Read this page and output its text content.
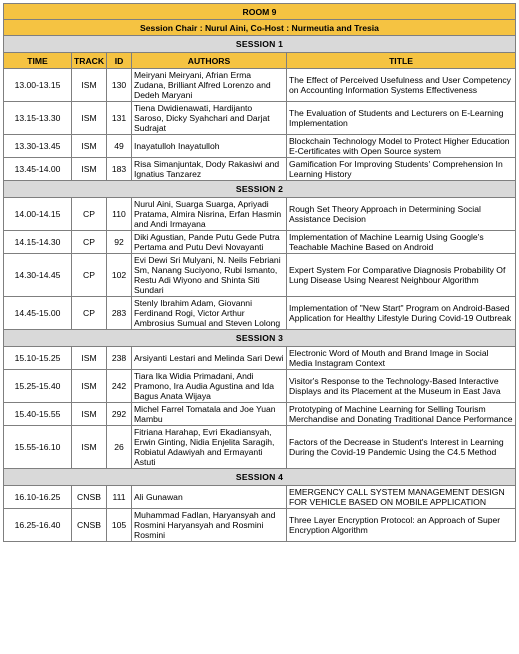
ROOM 9				
Session Chair : Nurul Aini, Co-Host : Nurmeutia and Tresia				
SESSION 1				
TIME	TRACK	ID	AUTHORS	TITLE
13.00-13.15	ISM	130	Meiryani Meiryani, Afrian Erma Zudana, Brilliant Alfred Lorenzo and Dedeh Maryani	The Effect of Perceived Usefulness and User Competency on Accounting Information Systems Effectiveness
13.15-13.30	ISM	131	Tiena Dwidienawati, Hardijanto Saroso, Dicky Syahchari and Darjat Sudrajat	The Evaluation of Students and Lecturers on E-Learning Implementation
13.30-13.45	ISM	49	Inayatulloh Inayatulloh	Blockchain Technology Model to Protect Higher Education E-Certificates with Open Source system
13.45-14.00	ISM	183	Risa Simanjuntak, Dody Rakasiwi and Ignatius Tanzarez	Gamification For Improving Students' Comprehension In Learning History
SESSION 2				
14.00-14.15	CP	110	Nurul Aini, Suarga Suarga, Apriyadi Pratama, Almira Nisrina, Erfan Hasmin and Andi Irmayana	Rough Set Theory Approach in Determining Social Assistance Decision
14.15-14.30	CP	92	Diki Agustian, Pande Putu Gede Putra Pertama and Putu Devi Novayanti	Implementation of Machine Learnig Using Google's Teachable Machine Based on Android
14.30-14.45	CP	102	Evi Dewi Sri Mulyani, N. Neils Febriani Sm, Nanang Suciyono, Rubi Ismanto, Restu Adi Wiyono and Shinta Siti Sundari	Expert System For Comparative Diagnosis Probability Of Lung Disease Using Nearest Neighbour Algorithm
14.45-15.00	CP	283	Stenly Ibrahim Adam, Giovanni Ferdinand Rogi, Victor Arthur Ambrosius Sumual and Steven Lolong	Implementation of "New Start" Program on Android-Based Application for Healthy Lifestyle During Covid-19 Outbreak
SESSION 3				
15.10-15.25	ISM	238	Arsiyanti Lestari and Melinda Sari Dewi	Electronic Word of Mouth and Brand Image in Social Media Instagram Context
15.25-15.40	ISM	242	Tiara Ika Widia Primadani, Andi Pramono, Ira Audia Agustina and Ida Bagus Anata Wijaya	Visitor's Response to the Technology-Based Interactive Displays and its Placement at the Museum in East Java
15.40-15.55	ISM	292	Michel Farrel Tomatala and Joe Yuan Mambu	Prototyping of Machine Learning for Selling Tourism Merchandise and Donating Traditional Dance Performance
15.55-16.10	ISM	26	Fitriana Harahap, Evri Ekadiansyah, Erwin Ginting, Nidia Enjelita Saragih, Robiatul Adawiyah and Ermayanti Astuti	Factors of the Decrease in Student's Interest in Learning During the Covid-19 Pandemic Using the C4.5 Method
SESSION 4				
16.10-16.25	CNSB	111	Ali Gunawan	EMERGENCY CALL SYSTEM MANAGEMENT DESIGN FOR VEHICLE BASED ON MOBILE APPLICATION
16.25-16.40	CNSB	105	Muhammad Fadlan, Haryansyah and Rosmini Haryansyah and Rosmini Rosmini	Three Layer Encryption Protocol: an Approach of Super Encryption Algorithm
